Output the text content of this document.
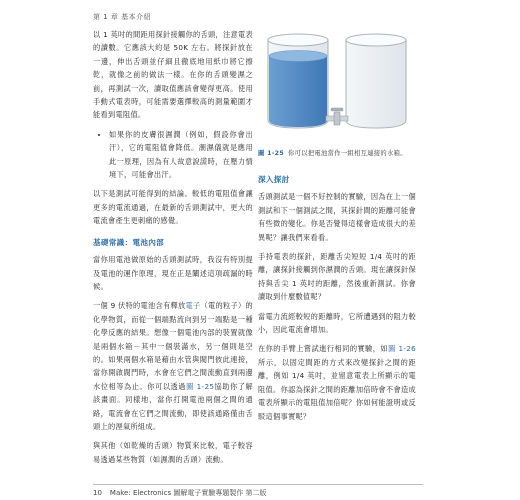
第 1 章 基本介紹

以 1 英吋的間距用探針接觸你的舌頭，注意電表的讀數。它應該大約是 50K 左右。將探針放在一邊，伸出舌頭並仔細且徹底地用紙巾將它擦乾，就像之前的做法一樣。在你的舌頭變濕之前，再測試一次，讀取值應該會變得更高。使用手動式電表時，可能需要選擇較高的測量範圍才能看到電阻值。

• 如果你的皮膚很濕潤（例如，假設你會出汗），它的電阻值會降低。潮濕儀就是應用此一原理，因為有人故意說謊時，在壓力情境下，可能會出汗。

以下是測試可能得到的結論。較低的電阻值會讓更多的電流通過，在最新的舌頭測試中，更大的電流會產生更刺痛的感覺。

基礎常識：電池內部

當你用電池做原始的舌頭測試時，我沒有特別提及電池的運作原理，現在正是闡述這項疏漏的時候。

一個 9 伏特的電池含有釋放電子（電的粒子）的化學物質，而從一個端點流向到另一端點是一種化學反應的結果。想像一個電池內部的裝置就像是兩個水箱－其中一個裝滿水，另一個則是空的。如果兩個水箱是藉由水管與閥門彼此連接，當你開啟閥門時，水會在它們之間流動直到兩邊水位相等為止。你可以透過圖 1-25協助你了解該畫面。同樣地，當你打開電池兩個之間的通路，電流會在它們之間流動，即使該通路僅由舌頭上的溼氣所組成。

與其他（如乾燥的舌頭）物質來比較，電子較容易透過某些物質（如濕潤的舌頭）流動。

圖 1-25 你可以把電池當作一組相互連接的水箱。
深入探討

舌頭測試是一個不好控制的實驗，因為在上一個測試和下一個測試之間，其探針間的距離可能會有些微的變化。你是否覺得這樣會造成很大的差異呢？讓我們來看看。

手持電表的探針，距離舌尖短短 1/4 英吋的距離，讓探針接觸到你濕潤的舌頭。現在讓探針保持與舌尖 1 英吋的距離，然後重新測試。你會讀取到什麼數值呢？

當電力流經較短的距離時，它所遭遇到的阻力較小，因此電流會增加。

在你的手臂上嘗試進行相同的實驗，如圖 1-26所示，以固定間距的方式來改變探針之間的距離，例如 1/4 英吋，並留意電表上所顯示的電阻值。你認為探針之間的距離加倍時會不會造成電表所顯示的電阻值加倍呢？你如何能證明或反駁這個事實呢？

10 Make: Electronics 圖解電子實驗專題製作 第二版
